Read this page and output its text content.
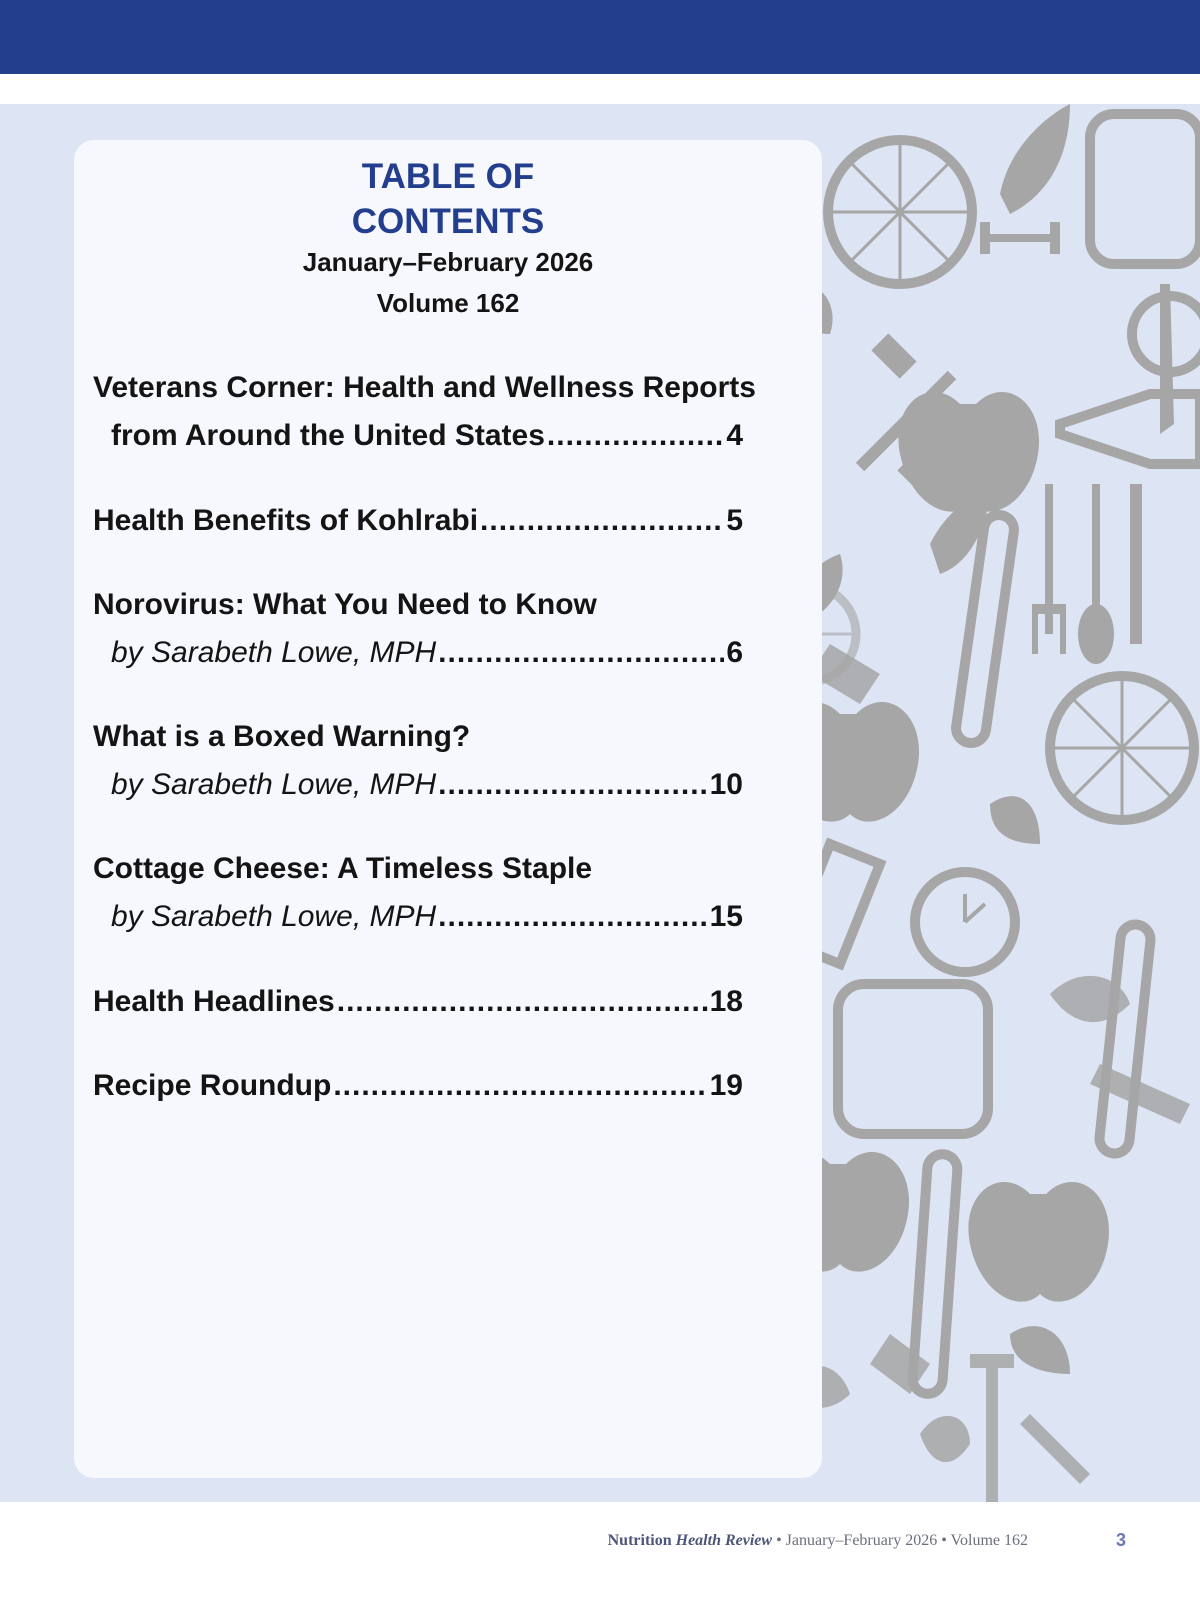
TABLE OF
CONTENTS
January–February 2026
Volume 162
Veterans Corner: Health and Wellness Reports
from Around the United States .....	4
Health Benefits of Kohlrabi .....	5
Norovirus: What You Need to Know
by Sarabeth Lowe, MPH .....	6
What is a Boxed Warning?
by Sarabeth Lowe, MPH .....	10
Cottage Cheese: A Timeless Staple
by Sarabeth Lowe, MPH .....	15
Health Headlines .....	18
Recipe Roundup .....	19
Nutrition Health Review • January–February 2026 • Volume 162	3
